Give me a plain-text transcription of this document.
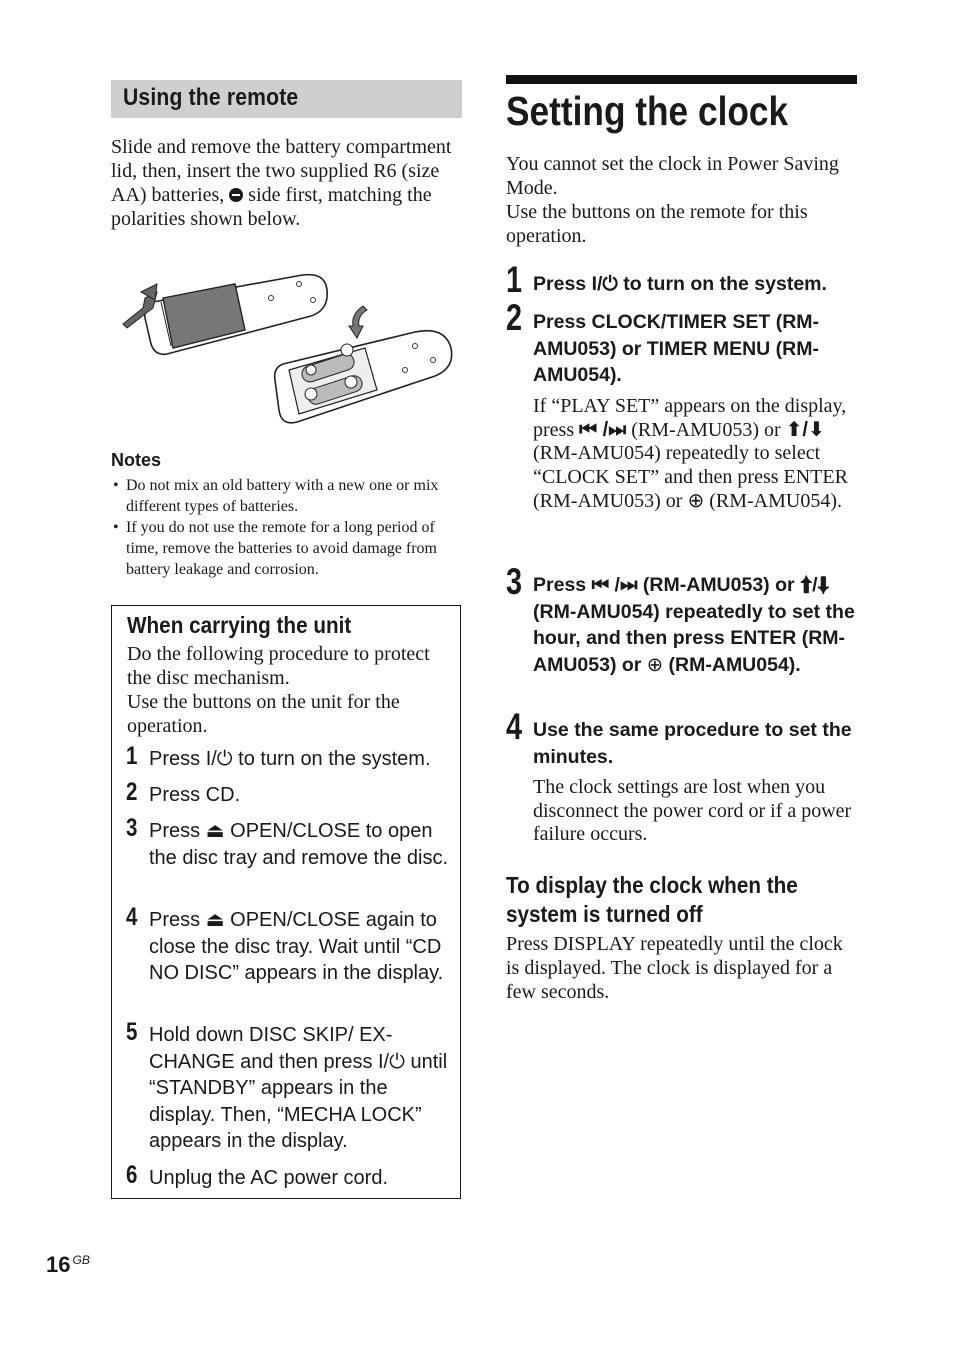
Using the remote
Slide and remove the battery compartment lid, then, insert the two supplied R6 (size AA) batteries,  side first, matching the polarities shown below.
Notes
• Do not mix an old battery with a new one or mix different types of batteries.
• If you do not use the remote for a long period of time, remove the batteries to avoid damage from battery leakage and corrosion.
When carrying the unit
Do the following procedure to protect the disc mechanism.
Use the buttons on the unit for the operation.
1 Press I/⏻ to turn on the system.
2 Press CD.
3 Press ⏏ OPEN/CLOSE to open the disc tray and remove the disc.
4 Press ⏏ OPEN/CLOSE again to close the disc tray. Wait until “CD NO DISC” appears in the display.
5 Hold down DISC SKIP/ EX-CHANGE and then press I/⏻ until “STANDBY” appears in the display. Then, “MECHA LOCK” appears in the display.
6 Unplug the AC power cord.
Setting the clock
You cannot set the clock in Power Saving Mode.
Use the buttons on the remote for this operation.
1 Press I/⏻ to turn on the system.
2 Press CLOCK/TIMER SET (RM-AMU053) or TIMER MENU (RM-AMU054).
If “PLAY SET” appears on the display, press ⏮ /⏭ (RM-AMU053) or ⬆/⬇ (RM-AMU054) repeatedly to select “CLOCK SET” and then press ENTER (RM-AMU053) or ⊕ (RM-AMU054).
3 Press ⏮ /⏭ (RM-AMU053) or ⬆/⬇ (RM-AMU054) repeatedly to set the hour, and then press ENTER (RM-AMU053) or ⊕ (RM-AMU054).
4 Use the same procedure to set the minutes.
The clock settings are lost when you disconnect the power cord or if a power failure occurs.
To display the clock when the system is turned off
Press DISPLAY repeatedly until the clock is displayed. The clock is displayed for a few seconds.
16 $^{GB}$
